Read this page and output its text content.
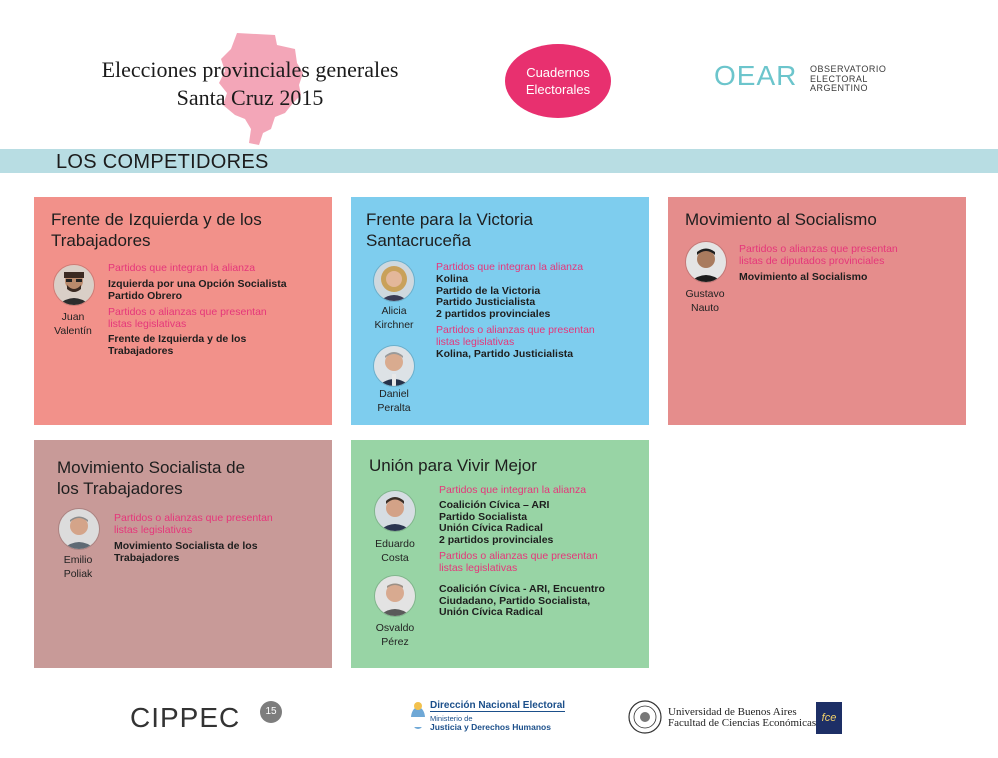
Elecciones provinciales generales
Santa Cruz 2015
Cuadernos
Electorales	OEAR OBSERVATORIO
ELECTORAL
ARGENTINO
LOS COMPETIDORES
Frente de Izquierda y de los
Trabajadores
Juan
Valentín
Partidos que integran la alianza
Izquierda por una Opción Socialista
Partido Obrero
Partidos o alianzas que presentan
listas legislativas
Frente de Izquierda y de los
Trabajadores
Frente para la Victoria
Santacruceña
Alicia
Kirchner
Daniel
Peralta
Partidos que integran la alianza
Kolina
Partido de la Victoria
Partido Justicialista
2 partidos provinciales
Partidos o alianzas que presentan
listas legislativas
Kolina, Partido Justicialista
Movimiento al Socialismo
Gustavo
Nauto
Partidos o alianzas que presentan
listas de diputados provinciales
Movimiento al Socialismo
Movimiento Socialista de
los Trabajadores
Emilio
Poliak
Partidos o alianzas que presentan
listas legislativas
Movimiento Socialista de los
Trabajadores
Unión para Vivir Mejor
Eduardo
Costa
Osvaldo
Pérez
Partidos que integran la alianza
Coalición Cívica – ARI
Partido Socialista
Unión Cívica Radical
2 partidos provinciales
Partidos o alianzas que presentan
listas legislativas
Coalición Cívica - ARI, Encuentro
Ciudadano, Partido Socialista,
Unión Cívica Radical
CIPPEC	15
Dirección Nacional Electoral
Ministerio de
Justicia y Derechos Humanos
Universidad de Buenos Aires
Facultad de Ciencias Económicas fce
